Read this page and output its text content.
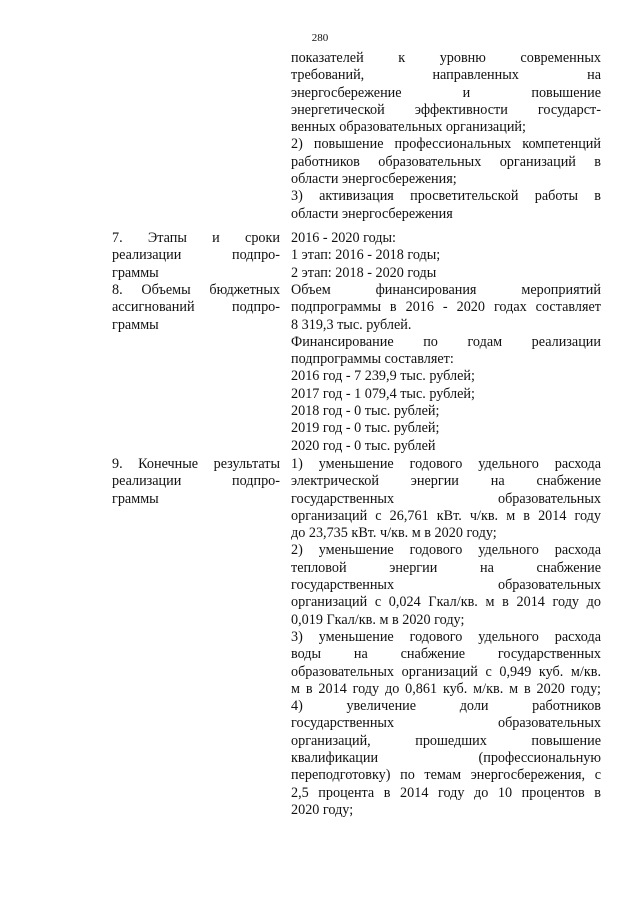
280
показателей к уровню современных
требований, направленных на
энергосбережение и повышение
энергетической эффективности государст-
венных образовательных организаций;
2) повышение профессиональных компетенций
работников образовательных организаций в
области энергосбережения;
3) активизация просветительской работы в
области энергосбережения
7. Этапы и сроки
реализации подпро-
граммы
2016 - 2020 годы:
1 этап: 2016 - 2018 годы;
2 этап: 2018 - 2020 годы
8. Объемы бюджетных
ассигнований подпро-
граммы
Объем финансирования мероприятий
подпрограммы в 2016 - 2020 годах составляет
8 319,3 тыс. рублей.
Финансирование по годам реализации
подпрограммы составляет:
2016 год - 7 239,9 тыс. рублей;
2017 год - 1 079,4 тыс. рублей;
2018 год - 0 тыс. рублей;
2019 год - 0 тыс. рублей;
2020 год - 0 тыс. рублей
9. Конечные результаты
реализации подпро-
граммы
1) уменьшение годового удельного расхода
электрической энергии на снабжение
государственных образовательных
организаций с 26,761 кВт. ч/кв. м в 2014 году
до 23,735 кВт. ч/кв. м в 2020 году;
2) уменьшение годового удельного расхода
тепловой энергии на снабжение
государственных образовательных
организаций с 0,024 Гкал/кв. м в 2014 году до
0,019 Гкал/кв. м в 2020 году;
3) уменьшение годового удельного расхода
воды на снабжение государственных
образовательных организаций с 0,949 куб. м/кв.
м в 2014 году до 0,861 куб. м/кв. м в 2020 году;
4) увеличение доли работников
государственных образовательных
организаций, прошедших повышение
квалификации (профессиональную
переподготовку) по темам энергосбережения, с
2,5 процента в 2014 году до 10 процентов в
2020 году;
